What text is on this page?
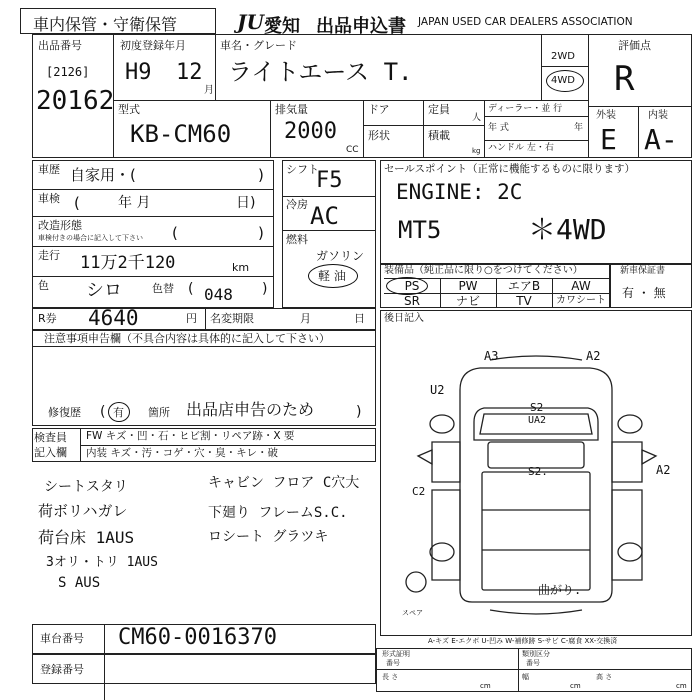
車内保管・守衛保管	JU 愛知 出品申込書 JAPAN USED CAR DEALERS ASSOCIATION
出品番号
[2126]
20162
初度登録年月
H9 12
月
車名・グレード
ライトエース T.
2WD
4WD
評価点
R
外装	内装
E A-
型式
KB-CM60
排気量
2000
CC
ドア	定員
人
形状	積載
kg
ディーラー・並 行
年 式	年
ハンドル 左・右
車歴 自家用・(	)
車検 (	年 月	日)
改造形態
車検付きの場合に記入して下さい (	)
走行 11万2千120	km
色 シロ	色替 ( 048 )
R券 4640	円 名変期限	月	日
シフト
F5
冷房 AC
燃料
ガソリン
軽 油
セールスポイント（正常に機能するものに限ります）
ENGINE: 2C
MT5	＊4WD
装備品（純正品に限り○をつけてください）
PS	PW	エアB	AW
SR	ナビ	TV	カワシート
新車保証書
有 ・ 無
注意事項申告欄（不具合内容は具体的に記入して下さい）
修復歴 ( 有 箇所 出品店申告のため	)
検査員
記入欄
FW キズ・凹・石・ヒビ割・リペア跡・X 要
内装 キズ・汚・コゲ・穴・臭・キレ・破
シートスタリ
荷ボリハガレ
荷台床 1AUS
3オリ・トリ 1AUS
S AUS
キャビン フロア C穴大
下廻り フレームS.C.
ロシート グラツキ
後日記入
A3	A2
U2
S2
UA2
S2.
C2
A2
曲がり.
スペア
A-キズ E-エクボ U-凹み W-補修跡 S-サビ C-腐食 XX-交換済
車台番号 CM60-0016370
登録番号
形式証明
番号
類別区分
番号
長 さ
cm
幅
cm
高 さ
cm
